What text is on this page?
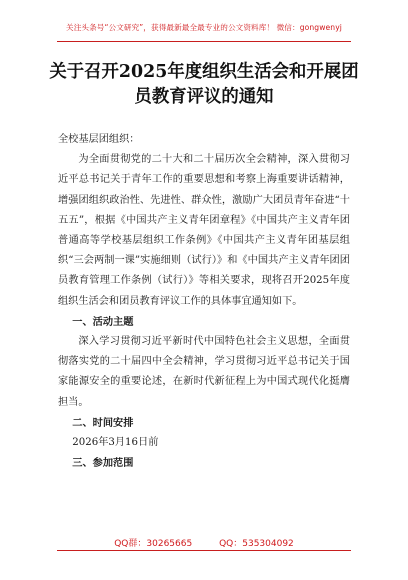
关注头条号“公文研究”，获得最新最全最专业的公文资料库！ 微信：gongwenyj
关于召开2025年度组织生活会和开展团
员教育评议的通知

全校基层团组织：

为全面贯彻党的二十大和二十届历次全会精神，深入贯彻习近平总书记关于青年工作的重要思想和考察上海重要讲话精神，增强团组织政治性、先进性、群众性，激励广大团员青年奋进“十五五”，根据《中国共产主义青年团章程》《中国共产主义青年团普通高等学校基层组织工作条例》《中国共产主义青年团基层组织“三会两制一课”实施细则（试行）》和《中国共产主义青年团团员教育管理工作条例（试行）》等相关要求，现将召开2025年度组织生活会和团员教育评议工作的具体事宜通知如下。

一、活动主题

深入学习贯彻习近平新时代中国特色社会主义思想，全面贯彻落实党的二十届四中全会精神，学习贯彻习近平总书记关于国家能源安全的重要论述，在新时代新征程上为中国式现代化挺膺担当。

二、时间安排

2026年3月16日前

三、参加范围

QQ群：30265665	QQ：535304092
